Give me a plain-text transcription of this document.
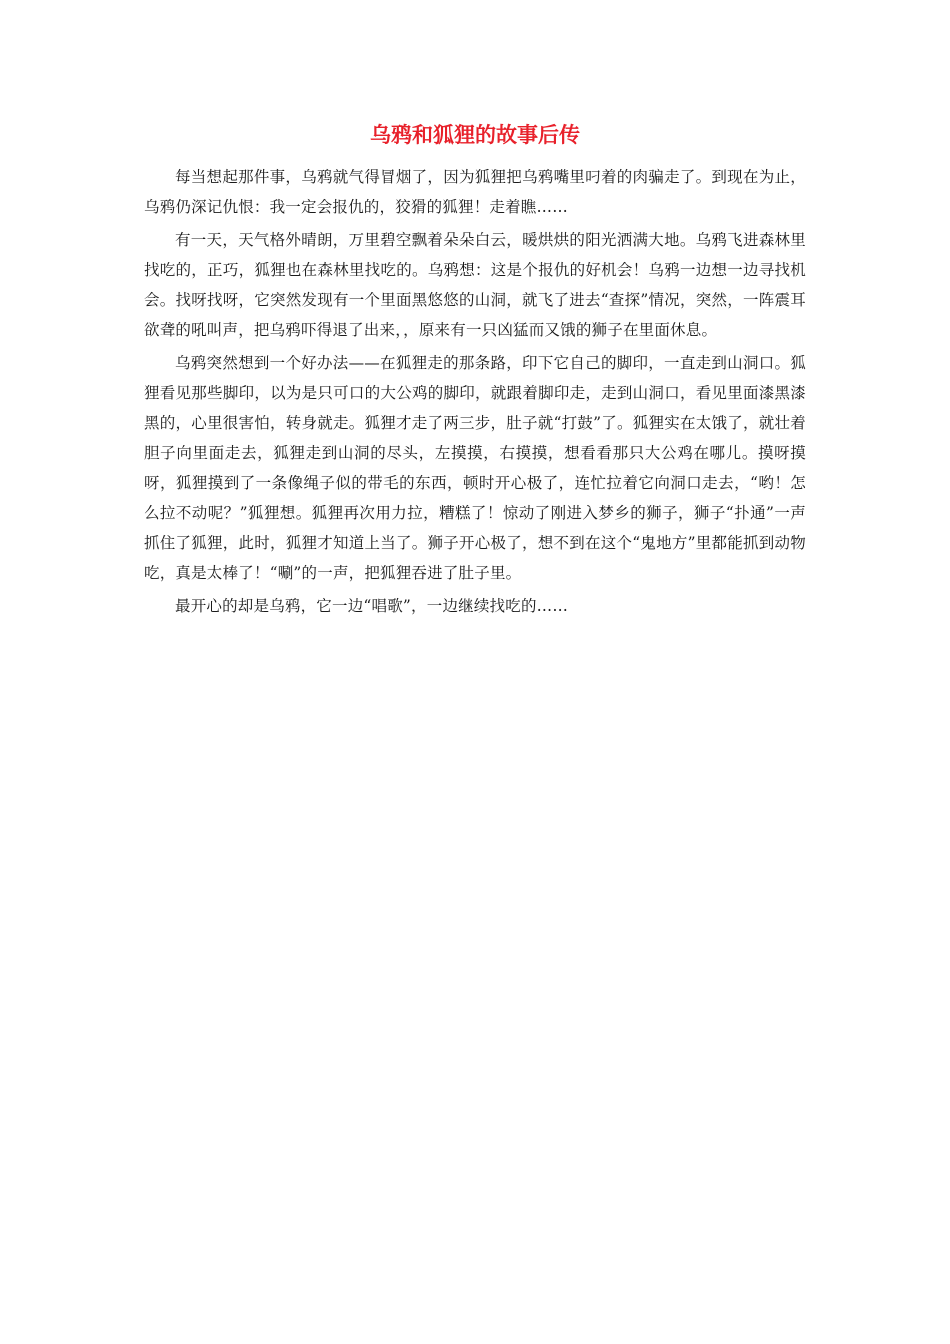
乌鸦和狐狸的故事后传

每当想起那件事，乌鸦就气得冒烟了，因为狐狸把乌鸦嘴里叼着的肉骗走了。到现在为止，乌鸦仍深记仇恨：我一定会报仇的，狡猾的狐狸！走着瞧……

有一天，天气格外晴朗，万里碧空飘着朵朵白云，暖烘烘的阳光洒满大地。乌鸦飞进森林里找吃的，正巧，狐狸也在森林里找吃的。乌鸦想：这是个报仇的好机会！乌鸦一边想一边寻找机会。找呀找呀，它突然发现有一个里面黑悠悠的山洞，就飞了进去“查探”情况，突然，一阵震耳欲聋的吼叫声，把乌鸦吓得退了出来，，原来有一只凶猛而又饿的狮子在里面休息。

乌鸦突然想到一个好办法——在狐狸走的那条路，印下它自己的脚印，一直走到山洞口。狐狸看见那些脚印，以为是只可口的大公鸡的脚印，就跟着脚印走，走到山洞口，看见里面漆黑漆黑的，心里很害怕，转身就走。狐狸才走了两三步，肚子就“打鼓”了。狐狸实在太饿了，就壮着胆子向里面走去，狐狸走到山洞的尽头，左摸摸，右摸摸，想看看那只大公鸡在哪儿。摸呀摸呀，狐狸摸到了一条像绳子似的带毛的东西，顿时开心极了，连忙拉着它向洞口走去，“哟！怎么拉不动呢？”狐狸想。狐狸再次用力拉，糟糕了！惊动了刚进入梦乡的狮子，狮子“扑通”一声抓住了狐狸，此时，狐狸才知道上当了。狮子开心极了，想不到在这个“鬼地方”里都能抓到动物吃，真是太棒了！“唰”的一声，把狐狸吞进了肚子里。

最开心的却是乌鸦，它一边“唱歌”，一边继续找吃的……
